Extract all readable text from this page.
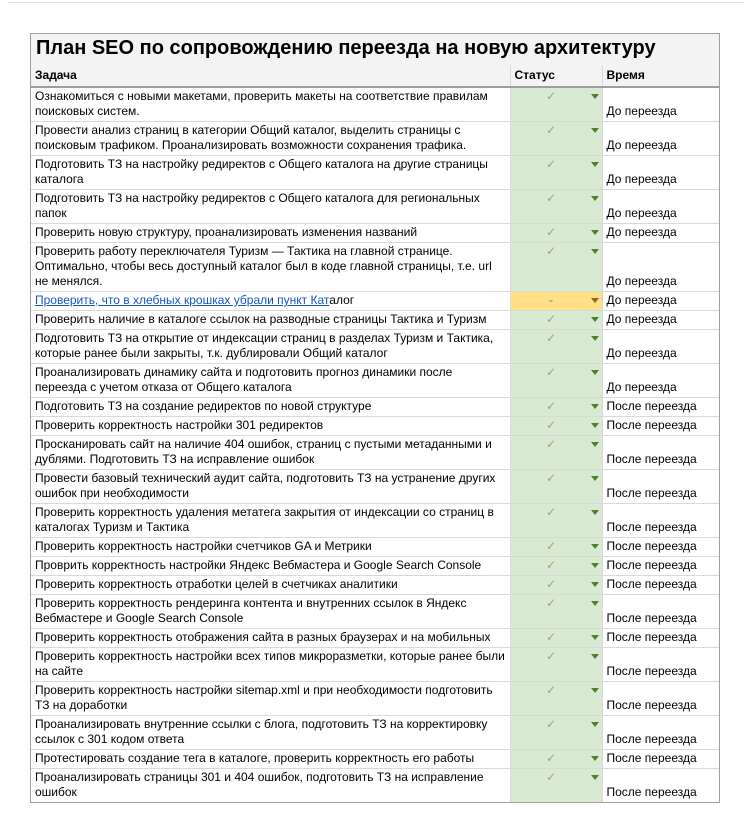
План SEO по сопровождению переезда на новую архитектуру
Задача	Статус	Время
Ознакомиться с новыми макетами, проверить макеты на соответствие правилам поисковых систем.	✓	До переезда
Провести анализ страниц в категории Общий каталог, выделить страницы с поисковым трафиком. Проанализировать возможности сохранения трафика.	✓	До переезда
Подготовить ТЗ на настройку редиректов с Общего каталога на другие страницы каталога	✓	До переезда
Подготовить ТЗ на настройку редиректов с Общего каталога для региональных папок	✓	До переезда
Проверить новую структуру, проанализировать изменения названий	✓	До переезда
Проверить работу переключателя Туризм — Тактика на главной странице. Оптимально, чтобы весь доступный каталог был в коде главной страницы, т.е. url не менялся.	✓	До переезда
Проверить, что в хлебных крошках убрали пункт Каталог	-	До переезда
Проверить наличие в каталоге ссылок на разводные страницы Тактика и Туризм	✓	До переезда
Подготовить ТЗ на открытие от индексации страниц в разделах Туризм и Тактика, которые ранее были закрыты, т.к. дублировали Общий каталог	✓	До переезда
Проанализировать динамику сайта и подготовить прогноз динамики после переезда с учетом отказа от Общего каталога	✓	До переезда
Подготовить ТЗ на создание редиректов по новой структуре	✓	После переезда
Проверить корректность настройки 301 редиректов	✓	После переезда
Просканировать сайт на наличие 404 ошибок, страниц с пустыми метаданными и дублями. Подготовить ТЗ на исправление ошибок	✓	После переезда
Провести базовый технический аудит сайта, подготовить ТЗ на устранение других ошибок при необходимости	✓	После переезда
Проверить корректность удаления метатега закрытия от индексации со страниц в каталогах Туризм и Тактика	✓	После переезда
Проверить корректность настройки счетчиков GA и Метрики	✓	После переезда
Проврить корректность настройки Яндекс Вебмастера и Google Search Console	✓	После переезда
Проверить корректность отработки целей в счетчиках аналитики	✓	После переезда
Проверить корректность рендеринга контента и внутренних ссылок в Яндекс Вебмастере и Google Search Console	✓	После переезда
Проверить корректность отображения сайта в разных браузерах и на мобильных	✓	После переезда
Проверить корректность настройки всех типов микроразметки, которые ранее были на сайте	✓	После переезда
Проверить корректность настройки sitemap.xml и при необходимости подготовить ТЗ на доработки	✓	После переезда
Проанализировать внутренние ссылки с блога, подготовить ТЗ на корректировку ссылок с 301 кодом ответа	✓	После переезда
Протестировать создание тега в каталоге, проверить корректность его работы	✓	После переезда
Проанализировать страницы 301 и 404 ошибок, подготовить ТЗ на исправление ошибок	✓	После переезда
